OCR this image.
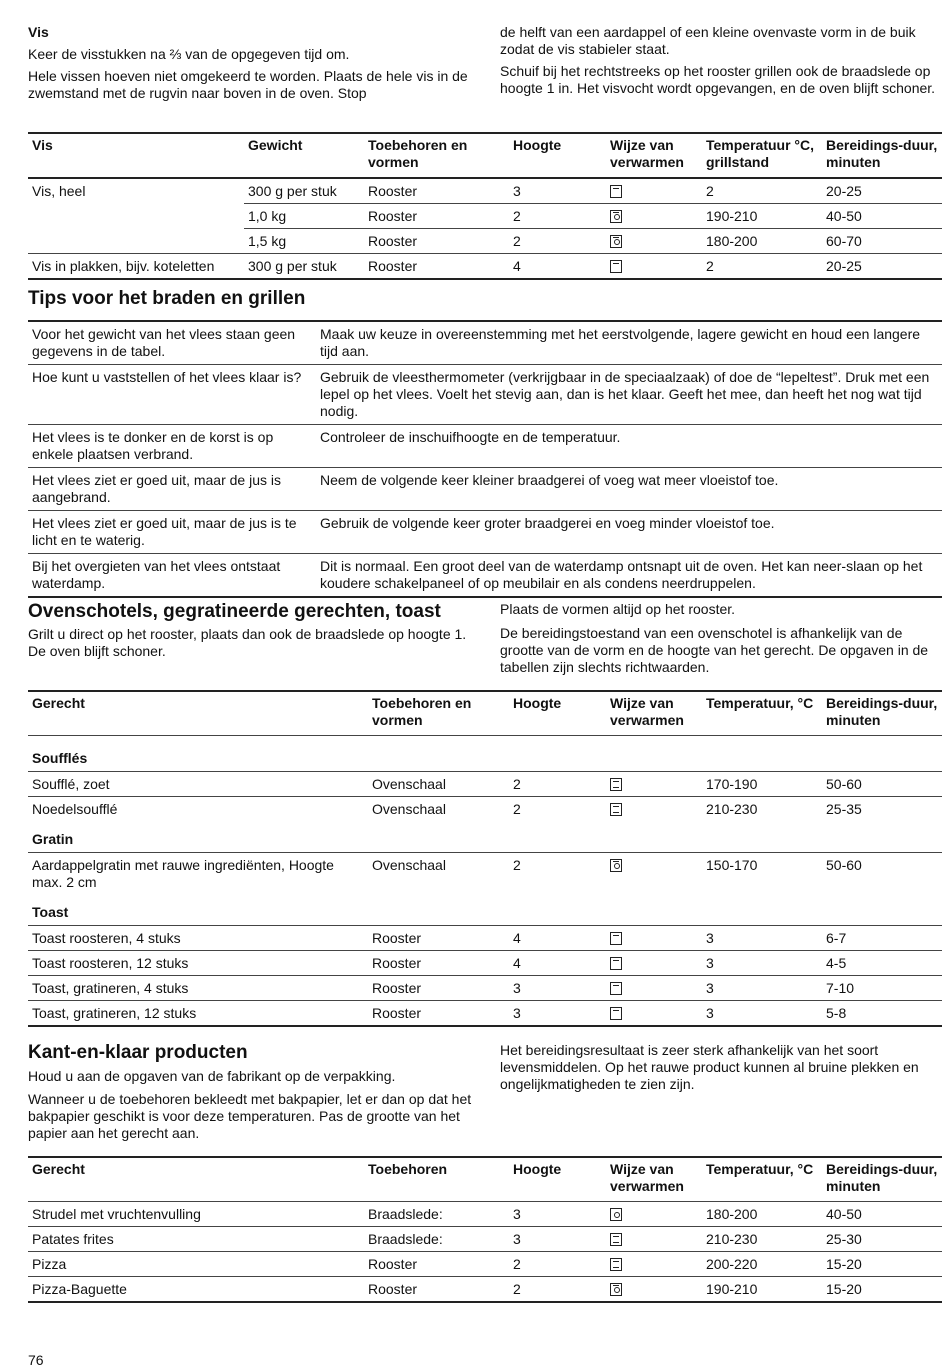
Vis

Keer de visstukken na ⅔ van de opgegeven tijd om.

Hele vissen hoeven niet omgekeerd te worden. Plaats de hele vis in de zwemstand met de rugvin naar boven in de oven. Stop

de helft van een aardappel of een kleine ovenvaste vorm in de buik zodat de vis stabieler staat.

Schuif bij het rechtstreeks op het rooster grillen ook de braadslede op hoogte 1 in. Het visvocht wordt opgevangen, en de oven blijft schoner.

Vis	Gewicht	Toebehoren en vormen	Hoogte	Wijze van verwarmen	Temperatuur °C, grillstand	Bereidings-duur, minuten
Vis, heel	300 g per stuk	Rooster	3		2	20-25
	1,0 kg	Rooster	2		190-210	40-50
	1,5 kg	Rooster	2		180-200	60-70
Vis in plakken, bijv. koteletten	300 g per stuk	Rooster	4		2	20-25
Tips voor het braden en grillen
Voor het gewicht van het vlees staan geen gegevens in de tabel.	Maak uw keuze in overeenstemming met het eerstvolgende, lagere gewicht en houd een langere tijd aan.
Hoe kunt u vaststellen of het vlees klaar is?	Gebruik de vleesthermometer (verkrijgbaar in de speciaalzaak) of doe de “lepeltest”. Druk met een lepel op het vlees. Voelt het stevig aan, dan is het klaar. Geeft het mee, dan heeft het nog wat tijd nodig.
Het vlees is te donker en de korst is op enkele plaatsen verbrand.	Controleer de inschuifhoogte en de temperatuur.
Het vlees ziet er goed uit, maar de jus is aangebrand.	Neem de volgende keer kleiner braadgerei of voeg wat meer vloeistof toe.
Het vlees ziet er goed uit, maar de jus is te licht en te waterig.	Gebruik de volgende keer groter braadgerei en voeg minder vloeistof toe.
Bij het overgieten van het vlees ontstaat waterdamp.	Dit is normaal. Een groot deel van de waterdamp ontsnapt uit de oven. Het kan neer-slaan op het koudere schakelpaneel of op meubilair en als condens neerdruppelen.
Ovenschotels, gegratineerde gerechten, toast

Grilt u direct op het rooster, plaats dan ook de braadslede op hoogte 1. De oven blijft schoner.

Plaats de vormen altijd op het rooster.

De bereidingstoestand van een ovenschotel is afhankelijk van de grootte van de vorm en de hoogte van het gerecht. De opgaven in de tabellen zijn slechts richtwaarden.

Gerecht	Toebehoren en vormen	Hoogte	Wijze van verwarmen	Temperatuur, °C	Bereidings-duur, minuten
Soufflés					
Soufflé, zoet	Ovenschaal	2		170-190	50-60
Noedelsoufflé	Ovenschaal	2		210-230	25-35
Gratin					
Aardappelgratin met rauwe ingrediënten, Hoogte max. 2 cm	Ovenschaal	2		150-170	50-60
Toast					
Toast roosteren, 4 stuks	Rooster	4		3	6-7
Toast roosteren, 12 stuks	Rooster	4		3	4-5
Toast, gratineren, 4 stuks	Rooster	3		3	7-10
Toast, gratineren, 12 stuks	Rooster	3		3	5-8
Kant-en-klaar producten

Houd u aan de opgaven van de fabrikant op de verpakking.

Wanneer u de toebehoren bekleedt met bakpapier, let er dan op dat het bakpapier geschikt is voor deze temperaturen. Pas de grootte van het papier aan het gerecht aan.

Het bereidingsresultaat is zeer sterk afhankelijk van het soort levensmiddelen. Op het rauwe product kunnen al bruine plekken en ongelijkmatigheden te zien zijn.

Gerecht	Toebehoren	Hoogte	Wijze van verwarmen	Temperatuur, °C	Bereidings-duur, minuten
Strudel met vruchtenvulling	Braadslede:	3		180-200	40-50
Patates frites	Braadslede:	3		210-230	25-30
Pizza	Rooster	2		200-220	15-20
Pizza-Baguette	Rooster	2		190-210	15-20
76
